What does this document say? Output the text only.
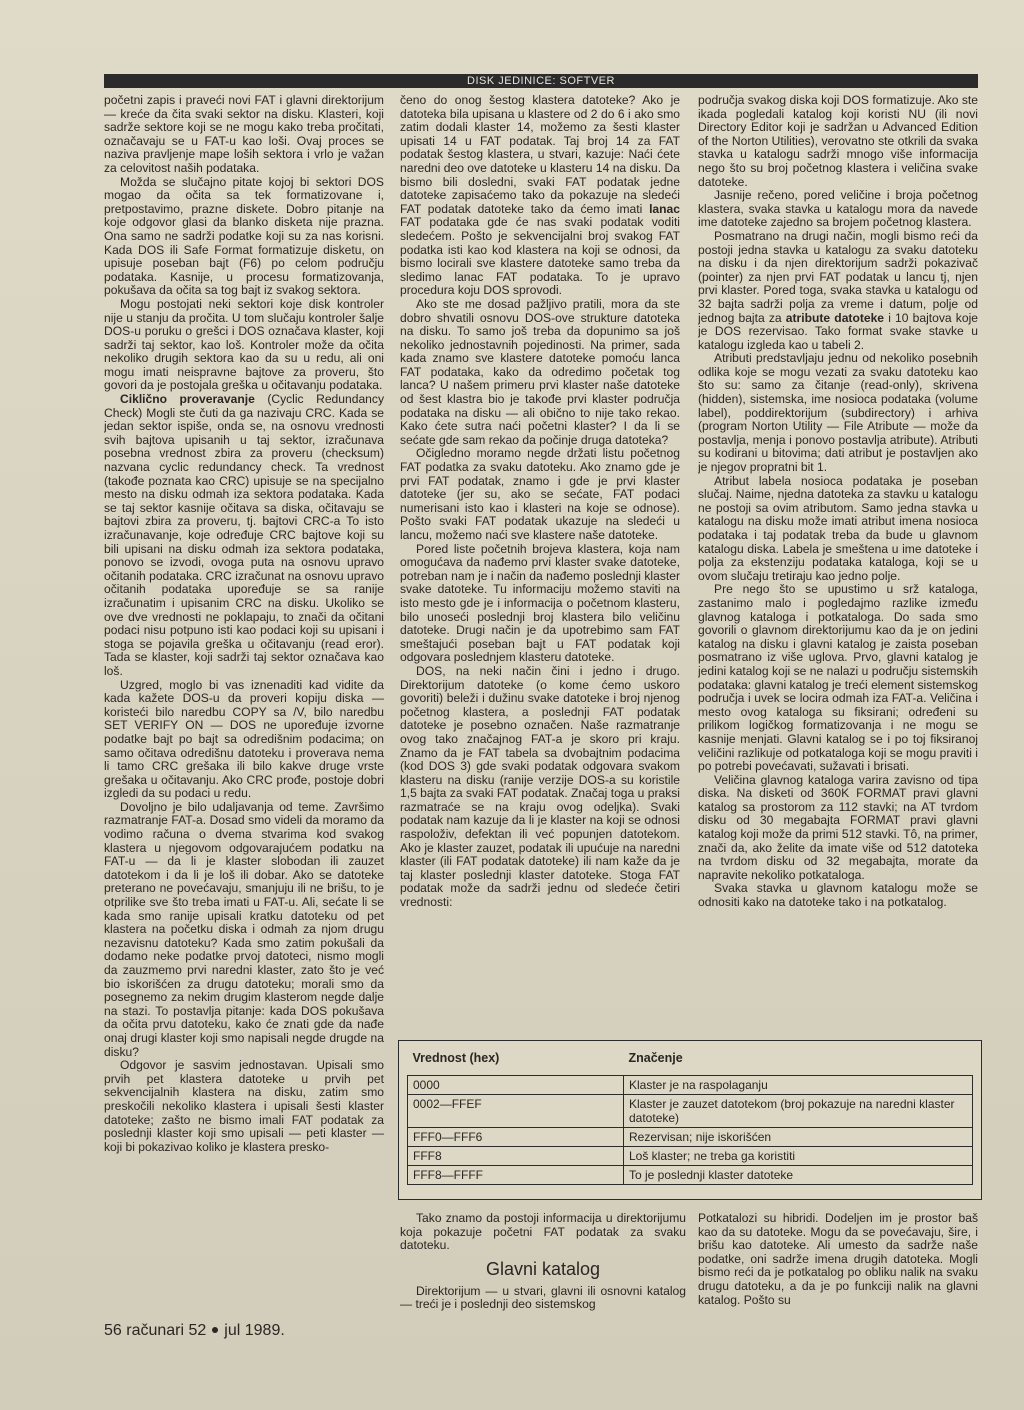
DISK JEDINICE: SOFTVER

početni zapis i praveći novi FAT i glavni direktorijum — kreće da čita svaki sektor na disku. Klasteri, koji sadrže sektore koji se ne mogu kako treba pročitati, označavaju se u FAT-u kao loši. Ovaj proces se naziva pravljenje mape loših sektora i vrlo je važan za celovitost naših podataka.

Možda se slučajno pitate kojoj bi sektori DOS mogao da očita sa tek formatizovane i, pretpostavimo, prazne diskete. Dobro pitanje na koje odgovor glasi da blanko disketa nije prazna. Ona samo ne sadrži podatke koji su za nas korisni. Kada DOS ili Safe Format formatizuje disketu, on upisuje poseban bajt (F6) po celom području podataka. Kasnije, u procesu formatizovanja, pokušava da očita sa tog bajt iz svakog sektora.

Mogu postojati neki sektori koje disk kontroler nije u stanju da pročita. U tom slučaju kontroler šalje DOS-u poruku o grešci i DOS označava klaster, koji sadrži taj sektor, kao loš. Kontroler može da očita nekoliko drugih sektora kao da su u redu, ali oni mogu imati neispravne bajtove za proveru, što govori da je postojala greška u očitavanju podataka.

Ciklično proveravanje (Cyclic Redundancy Check) Mogli ste čuti da ga nazivaju CRC. Kada se jedan sektor ispiše, onda se, na osnovu vrednosti svih bajtova upisanih u taj sektor, izračunava posebna vrednost zbira za proveru (checksum) nazvana cyclic redundancy check. Ta vrednost (takođe poznata kao CRC) upisuje se na specijalno mesto na disku odmah iza sektora podataka. Kada se taj sektor kasnije očitava sa diska, očitavaju se bajtovi zbira za proveru, tj. bajtovi CRC-a To isto izračunavanje, koje određuje CRC bajtove koji su bili upisani na disku odmah iza sektora podataka, ponovo se izvodi, ovoga puta na osnovu upravo očitanih podataka. CRC izračunat na osnovu upravo očitanih podataka upoređuje se sa ranije izračunatim i upisanim CRC na disku. Ukoliko se ove dve vrednosti ne poklapaju, to znači da očitani podaci nisu potpuno isti kao podaci koji su upisani i stoga se pojavila greška u očitavanju (read eror). Tada se klaster, koji sadrži taj sektor označava kao loš.

Uzgred, moglo bi vas iznenaditi kad vidite da kada kažete DOS-u da proveri kopiju diska — koristeći bilo naredbu COPY sa /V, bilo naredbu SET VERIFY ON — DOS ne upoređuje izvorne podatke bajt po bajt sa odredišnim podacima; on samo očitava odredišnu datoteku i proverava nema li tamo CRC grešaka ili bilo kakve druge vrste grešaka u očitavanju. Ako CRC prođe, postoje dobri izgledi da su podaci u redu.

Dovoljno je bilo udaljavanja od teme. Završimo razmatranje FAT-a. Dosad smo videli da moramo da vodimo računa o dvema stvarima kod svakog klastera u njegovom odgovarajućem podatku na FAT-u — da li je klaster slobodan ili zauzet datotekom i da li je loš ili dobar. Ako se datoteke preterano ne povećavaju, smanjuju ili ne brišu, to je otprilike sve što treba imati u FAT-u. Ali, sećate li se kada smo ranije upisali kratku datoteku od pet klastera na početku diska i odmah za njom drugu nezavisnu datoteku? Kada smo zatim pokušali da dodamo neke podatke prvoj datoteci, nismo mogli da zauzmemo prvi naredni klaster, zato što je već bio iskorišćen za drugu datoteku; morali smo da posegnemo za nekim drugim klasterom negde dalje na stazi. To postavlja pitanje: kada DOS pokušava da očita prvu datoteku, kako će znati gde da nađe onaj drugi klaster koji smo napisali negde drugde na disku?

Odgovor je sasvim jednostavan. Upisali smo prvih pet klastera datoteke u prvih pet sekvencijalnih klastera na disku, zatim smo preskočili nekoliko klastera i upisali šesti klaster datoteke; zašto ne bismo imali FAT podatak za poslednji klaster koji smo upisali — peti klaster — koji bi pokazivao koliko je klastera presko-

čeno do onog šestog klastera datoteke? Ako je datoteka bila upisana u klastere od 2 do 6 i ako smo zatim dodali klaster 14, možemo za šesti klaster upisati 14 u FAT podatak. Taj broj 14 za FAT podatak šestog klastera, u stvari, kazuje: Naći ćete naredni deo ove datoteke u klasteru 14 na disku. Da bismo bili dosledni, svaki FAT podatak jedne datoteke zapisaćemo tako da pokazuje na sledeći FAT podatak datoteke tako da ćemo imati lanac FAT podataka gde će nas svaki podatak voditi sledećem. Pošto je sekvencijalni broj svakog FAT podatka isti kao kod klastera na koji se odnosi, da bismo locirali sve klastere datoteke samo treba da sledimo lanac FAT podataka. To je upravo procedura koju DOS sprovodi.

Ako ste me dosad pažljivo pratili, mora da ste dobro shvatili osnovu DOS-ove strukture datoteka na disku. To samo još treba da dopunimo sa još nekoliko jednostavnih pojedinosti. Na primer, sada kada znamo sve klastere datoteke pomoću lanca FAT podataka, kako da odredimo početak tog lanca? U našem primeru prvi klaster naše datoteke od šest klastra bio je takođe prvi klaster područja podataka na disku — ali obično to nije tako rekao. Kako ćete sutra naći početni klaster? I da li se sećate gde sam rekao da počinje druga datoteka?

Očigledno moramo negde držati listu početnog FAT podatka za svaku datoteku. Ako znamo gde je prvi FAT podatak, znamo i gde je prvi klaster datoteke (jer su, ako se sećate, FAT podaci numerisani isto kao i klasteri na koje se odnose). Pošto svaki FAT podatak ukazuje na sledeći u lancu, možemo naći sve klastere naše datoteke.

Pored liste početnih brojeva klastera, koja nam omogućava da nađemo prvi klaster svake datoteke, potreban nam je i način da nađemo poslednji klaster svake datoteke. Tu informaciju možemo staviti na isto mesto gde je i informacija o početnom klasteru, bilo unoseći poslednji broj klastera bilo veličinu datoteke. Drugi način je da upotrebimo sam FAT smeštajući poseban bajt u FAT podatak koji odgovara poslednjem klasteru datoteke.

DOS, na neki način čini i jedno i drugo. Direktorijum datoteke (o kome ćemo uskoro govoriti) beleži i dužinu svake datoteke i broj njenog početnog klastera, a poslednji FAT podatak datoteke je posebno označen. Naše razmatranje ovog tako značajnog FAT-a je skoro pri kraju. Znamo da je FAT tabela sa dvobajtnim podacima (kod DOS 3) gde svaki podatak odgovara svakom klasteru na disku (ranije verzije DOS-a su koristile 1,5 bajta za svaki FAT podatak. Značaj toga u praksi razmatraće se na kraju ovog odeljka). Svaki podatak nam kazuje da li je klaster na koji se odnosi raspoloživ, defektan ili već popunjen datotekom. Ako je klaster zauzet, podatak ili upućuje na naredni klaster (ili FAT podatak datoteke) ili nam kaže da je taj klaster poslednji klaster datoteke. Stoga FAT podatak može da sadrži jednu od sledeće četiri vrednosti:

područja svakog diska koji DOS formatizuje. Ako ste ikada pogledali katalog koji koristi NU (ili novi Directory Editor koji je sadržan u Advanced Edition of the Norton Utilities), verovatno ste otkrili da svaka stavka u katalogu sadrži mnogo više informacija nego što su broj početnog klastera i veličina svake datoteke.

Jasnije rečeno, pored veličine i broja početnog klastera, svaka stavka u katalogu mora da navede ime datoteke zajedno sa brojem početnog klastera.

Posmatrano na drugi način, mogli bismo reći da postoji jedna stavka u katalogu za svaku datoteku na disku i da njen direktorijum sadrži pokazivač (pointer) za njen prvi FAT podatak u lancu tj, njen prvi klaster. Pored toga, svaka stavka u katalogu od 32 bajta sadrži polja za vreme i datum, polje od jednog bajta za atribute datoteke i 10 bajtova koje je DOS rezervisao. Tako format svake stavke u katalogu izgleda kao u tabeli 2.

Atributi predstavljaju jednu od nekoliko posebnih odlika koje se mogu vezati za svaku datoteku kao što su: samo za čitanje (read-only), skrivena (hidden), sistemska, ime nosioca podataka (volume label), poddirektorijum (subdirectory) i arhiva (program Norton Utility — File Atribute — može da postavlja, menja i ponovo postavlja atribute). Atributi su kodirani u bitovima; dati atribut je postavljen ako je njegov propratni bit 1.

Atribut labela nosioca podataka je poseban slučaj. Naime, njedna datoteka za stavku u katalogu ne postoji sa ovim atributom. Samo jedna stavka u katalogu na disku može imati atribut imena nosioca podataka i taj podatak treba da bude u glavnom katalogu diska. Labela je smeštena u ime datoteke i polja za ekstenziju podataka kataloga, koji se u ovom slučaju tretiraju kao jedno polje.

Pre nego što se upustimo u srž kataloga, zastanimo malo i pogledajmo razlike između glavnog kataloga i potkataloga. Do sada smo govorili o glavnom direktorijumu kao da je on jedini katalog na disku i glavni katalog je zaista poseban posmatrano iz više uglova. Prvo, glavni katalog je jedini katalog koji se ne nalazi u području sistemskih podataka: glavni katalog je treći element sistemskog područja i uvek se locira odmah iza FAT-a. Veličina i mesto ovog kataloga su fiksirani; određeni su prilikom logičkog formatizovanja i ne mogu se kasnije menjati. Glavni katalog se i po toj fiksiranoj veličini razlikuje od potkataloga koji se mogu praviti i po potrebi povećavati, sužavati i brisati.

Veličina glavnog kataloga varira zavisno od tipa diska. Na disketi od 360K FORMAT pravi glavni katalog sa prostorom za 112 stavki; na AT tvrdom disku od 30 megabajta FORMAT pravi glavni katalog koji može da primi 512 stavki. Tô, na primer, znači da, ako želite da imate više od 512 datoteka na tvrdom disku od 32 megabajta, morate da napravite nekoliko potkataloga.

Svaka stavka u glavnom katalogu može se odnositi kako na datoteke tako i na potkatalog.

Vrednost (hex)	Značenje
0000	Klaster je na raspolaganju
0002—FFEF	Klaster je zauzet datotekom (broj pokazuje na naredni klaster datoteke)
FFF0—FFF6	Rezervisan; nije iskorišćen
FFF8	Loš klaster; ne treba ga koristiti
FFF8—FFFF	To je poslednji klaster datoteke

Tako znamo da postoji informacija u direktorijumu koja pokazuje početni FAT podatak za svaku datoteku.

Glavni katalog

Direktorijum — u stvari, glavni ili osnovni katalog — treći je i poslednji deo sistemskog

Potkatalozi su hibridi. Dodeljen im je prostor baš kao da su datoteke. Mogu da se povećavaju, šire, i brišu kao datoteke. Ali umesto da sadrže naše podatke, oni sadrže imena drugih datoteka. Mogli bismo reći da je potkatalog po obliku nalik na svaku drugu datoteku, a da je po funkciji nalik na glavni katalog. Pošto su

56 računari 52 jul 1989.
